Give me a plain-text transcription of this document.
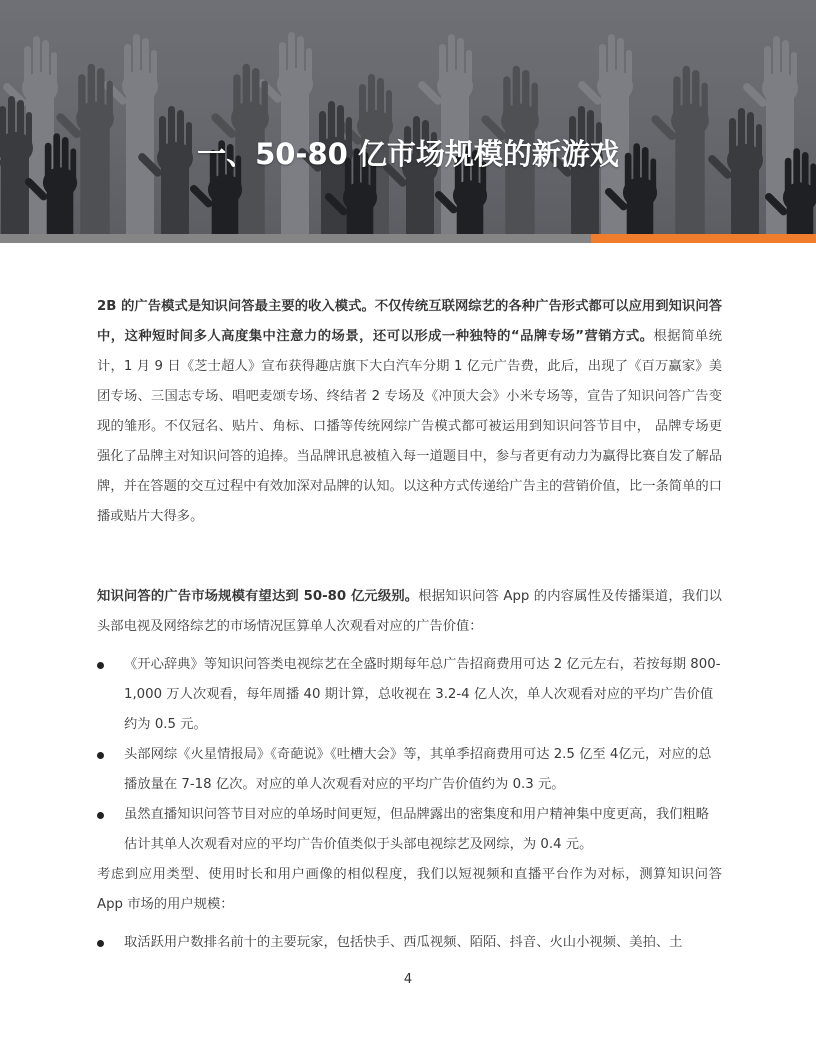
一、50-80 亿市场规模的新游戏

2B 的广告模式是知识问答最主要的收入模式。不仅传统互联网综艺的各种广告形式都可以应用到知识问答中，这种短时间多人高度集中注意力的场景，还可以形成一种独特的“品牌专场”营销方式。根据简单统计，1 月 9 日《芝士超人》宣布获得趣店旗下大白汽车分期 1 亿元广告费，此后，出现了《百万赢家》美团专场、三国志专场、唱吧麦颂专场、终结者 2 专场及《冲顶大会》小米专场等，宣告了知识问答广告变现的雏形。不仅冠名、贴片、角标、口播等传统网综广告模式都可被运用到知识问答节目中， 品牌专场更强化了品牌主对知识问答的追捧。当品牌讯息被植入每一道题目中，参与者更有动力为赢得比赛自发了解品牌，并在答题的交互过程中有效加深对品牌的认知。以这种方式传递给广告主的营销价值，比一条简单的口播或贴片大得多。

知识问答的广告市场规模有望达到 50-80 亿元级别。根据知识问答 App 的内容属性及传播渠道，我们以头部电视及网络综艺的市场情况匡算单人次观看对应的广告价值：

《开心辞典》等知识问答类电视综艺在全盛时期每年总广告招商费用可达 2 亿元左右，若按每期 800-1,000 万人次观看，每年周播 40 期计算，总收视在 3.2-4 亿人次，单人次观看对应的平均广告价值约为 0.5 元。
头部网综《火星情报局》《奇葩说》《吐槽大会》等，其单季招商费用可达 2.5 亿至 4亿元，对应的总播放量在 7-18 亿次。对应的单人次观看对应的平均广告价值约为 0.3 元。
虽然直播知识问答节目对应的单场时间更短，但品牌露出的密集度和用户精神集中度更高，我们粗略估计其单人次观看对应的平均广告价值类似于头部电视综艺及网综，为 0.4 元。

考虑到应用类型、使用时长和用户画像的相似程度，我们以短视频和直播平台作为对标，测算知识问答 App 市场的用户规模：

取活跃用户数排名前十的主要玩家，包括快手、西瓜视频、陌陌、抖音、火山小视频、美拍、土
4
